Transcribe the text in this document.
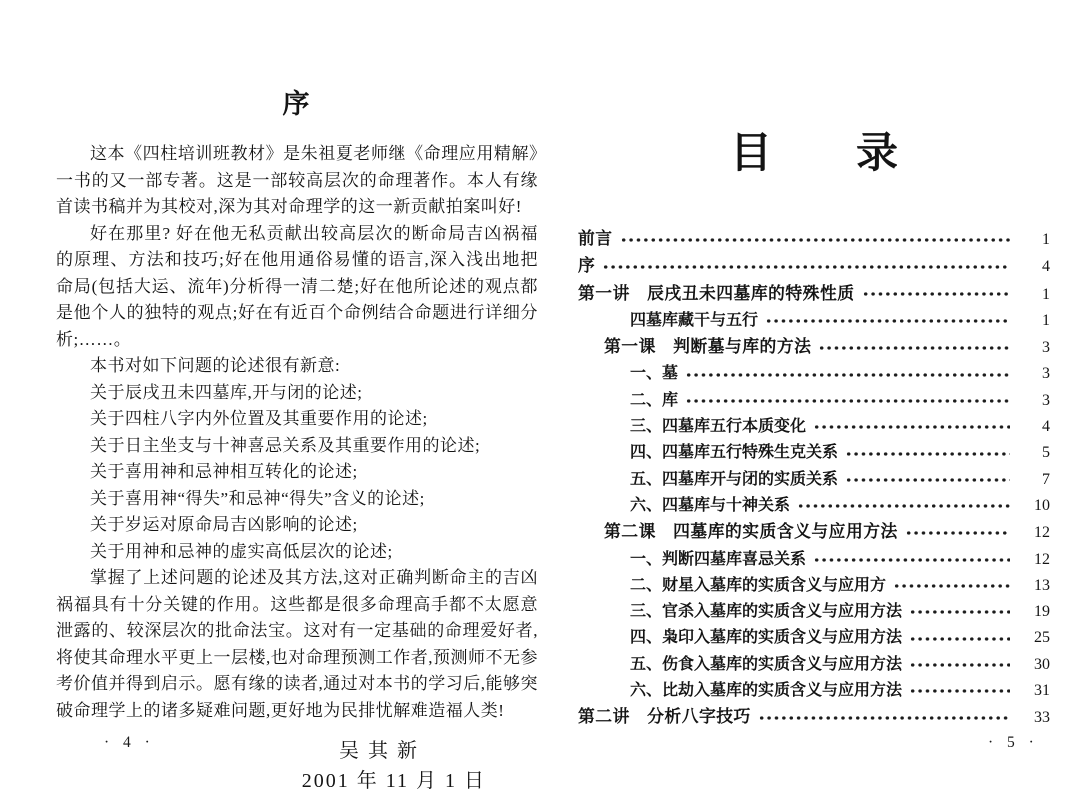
序

这本《四柱培训班教材》是朱祖夏老师继《命理应用精解》一书的又一部专著。这是一部较高层次的命理著作。本人有缘首读书稿并为其校对,深为其对命理学的这一新贡献拍案叫好!

好在那里? 好在他无私贡献出较高层次的断命局吉凶祸福的原理、方法和技巧;好在他用通俗易懂的语言,深入浅出地把命局(包括大运、流年)分析得一清二楚;好在他所论述的观点都是他个人的独特的观点;好在有近百个命例结合命题进行详细分析;……。

本书对如下问题的论述很有新意:

关于辰戌丑未四墓库,开与闭的论述;

关于四柱八字内外位置及其重要作用的论述;

关于日主坐支与十神喜忌关系及其重要作用的论述;

关于喜用神和忌神相互转化的论述;

关于喜用神“得失”和忌神“得失”含义的论述;

关于岁运对原命局吉凶影响的论述;

关于用神和忌神的虚实高低层次的论述;

掌握了上述问题的论述及其方法,这对正确判断命主的吉凶祸福具有十分关键的作用。这些都是很多命理高手都不太愿意泄露的、较深层次的批命法宝。这对有一定基础的命理爱好者,将使其命理水平更上一层楼,也对命理预测工作者,预测师不无参考价值并得到启示。愿有缘的读者,通过对本书的学习后,能够突破命理学上的诸多疑难问题,更好地为民排忧解难造福人类!

吴其新
2001 年 11 月 1 日
· 4 ·
目　　录
前言	1
序	4
第一讲　辰戌丑未四墓库的特殊性质	1
四墓库藏干与五行	1
第一课　判断墓与库的方法	3
一、墓	3
二、库	3
三、四墓库五行本质变化	4
四、四墓库五行特殊生克关系	5
五、四墓库开与闭的实质关系	7
六、四墓库与十神关系	10
第二课　四墓库的实质含义与应用方法	12
一、判断四墓库喜忌关系	12
二、财星入墓库的实质含义与应用方	13
三、官杀入墓库的实质含义与应用方法	19
四、枭印入墓库的实质含义与应用方法	25
五、伤食入墓库的实质含义与应用方法	30
六、比劫入墓库的实质含义与应用方法	31
第二讲　分析八字技巧	33
· 5 ·
